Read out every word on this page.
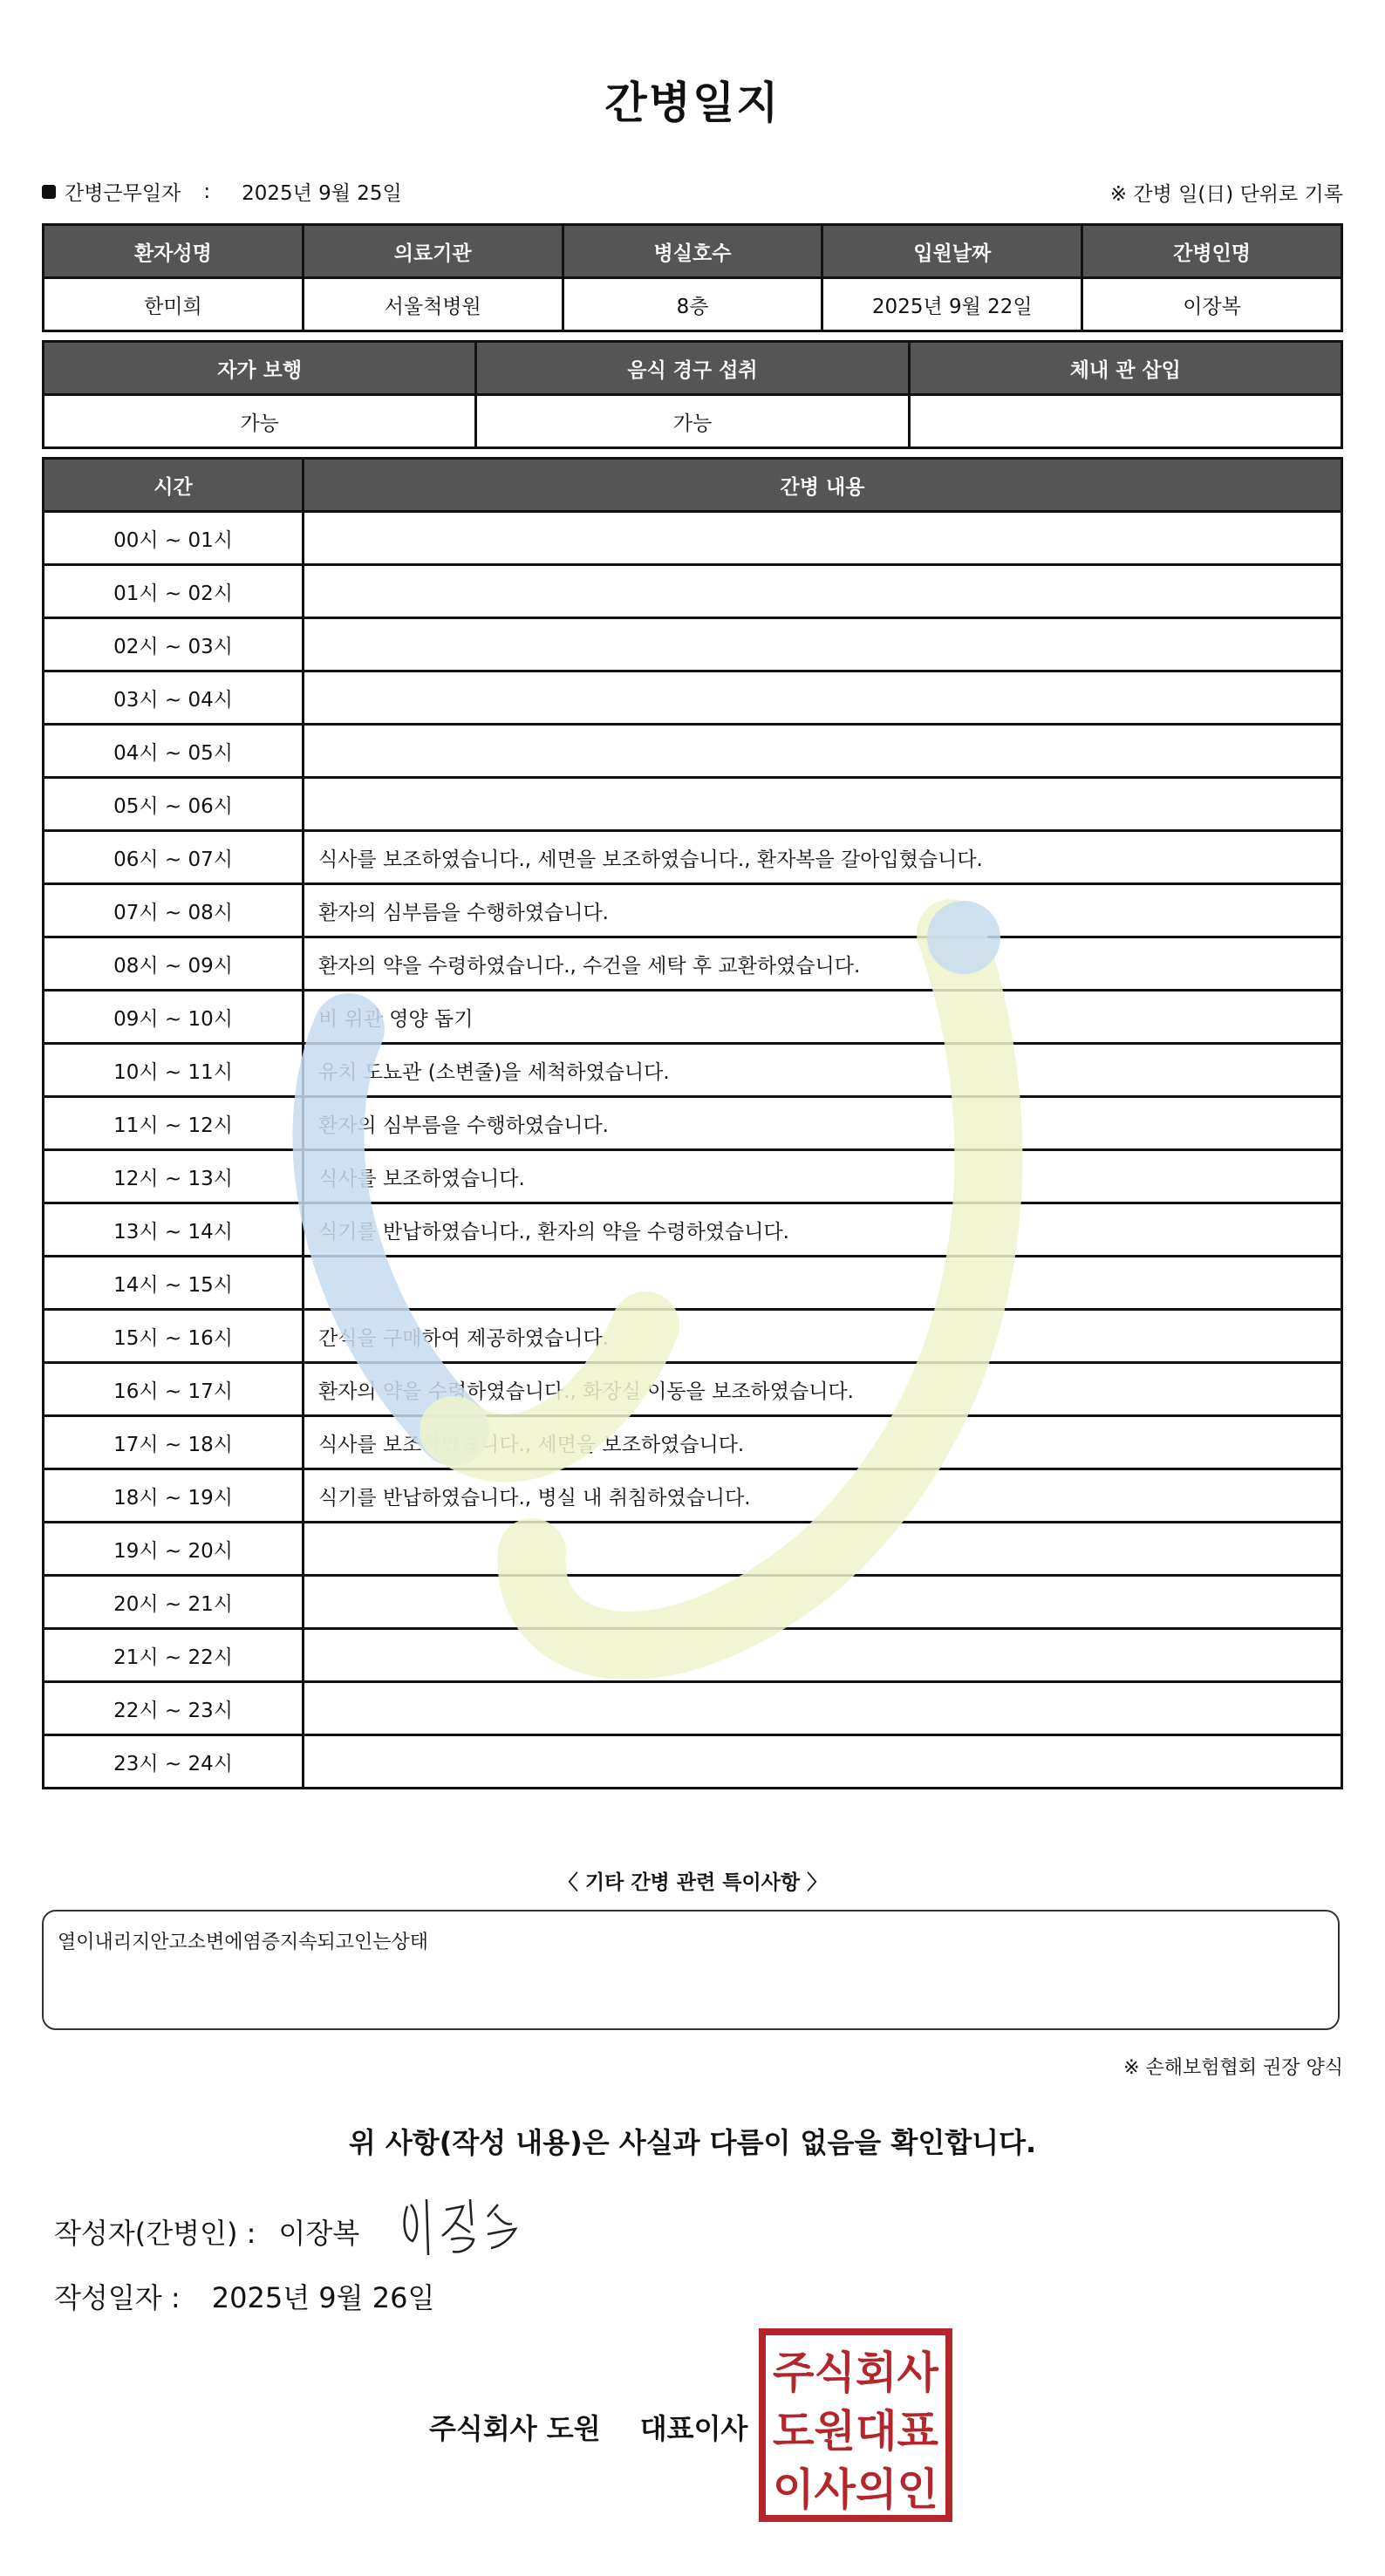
간병일지
간병근무일자 : 2025년 9월 25일	※ 간병 일(日) 단위로 기록
환자성명	의료기관	병실호수	입원날짜	간병인명
한미희	서울척병원	8층	2025년 9월 22일	이장복
자가 보행	음식 경구 섭취	체내 관 삽입
가능	가능	
시간	간병 내용
00시 ~ 01시	
01시 ~ 02시	
02시 ~ 03시	
03시 ~ 04시	
04시 ~ 05시	
05시 ~ 06시	
06시 ~ 07시	식사를 보조하였습니다., 세면을 보조하였습니다., 환자복을 갈아입혔습니다.
07시 ~ 08시	환자의 심부름을 수행하였습니다.
08시 ~ 09시	환자의 약을 수령하였습니다., 수건을 세탁 후 교환하였습니다.
09시 ~ 10시	비 위관 영양 돕기
10시 ~ 11시	유치 도뇨관 (소변줄)을 세척하였습니다.
11시 ~ 12시	환자의 심부름을 수행하였습니다.
12시 ~ 13시	식사를 보조하였습니다.
13시 ~ 14시	식기를 반납하였습니다., 환자의 약을 수령하였습니다.
14시 ~ 15시	
15시 ~ 16시	간식을 구매하여 제공하였습니다.
16시 ~ 17시	환자의 약을 수령하였습니다., 화장실 이동을 보조하였습니다.
17시 ~ 18시	식사를 보조하였습니다., 세면을 보조하였습니다.
18시 ~ 19시	식기를 반납하였습니다., 병실 내 취침하였습니다.
19시 ~ 20시	
20시 ~ 21시	
21시 ~ 22시	
22시 ~ 23시	
23시 ~ 24시	
〈 기타 간병 관련 특이사항 〉
열이내리지안고소변에염증지속되고인는상태
※ 손해보험협회 권장 양식
위 사항(작성 내용)은 사실과 다름이 없음을 확인합니다.
작성자(간병인) : 이장복
작성일자 : 2025년 9월 26일
주식회사 도원 대표이사
주식회사
도원대표
이사의인
